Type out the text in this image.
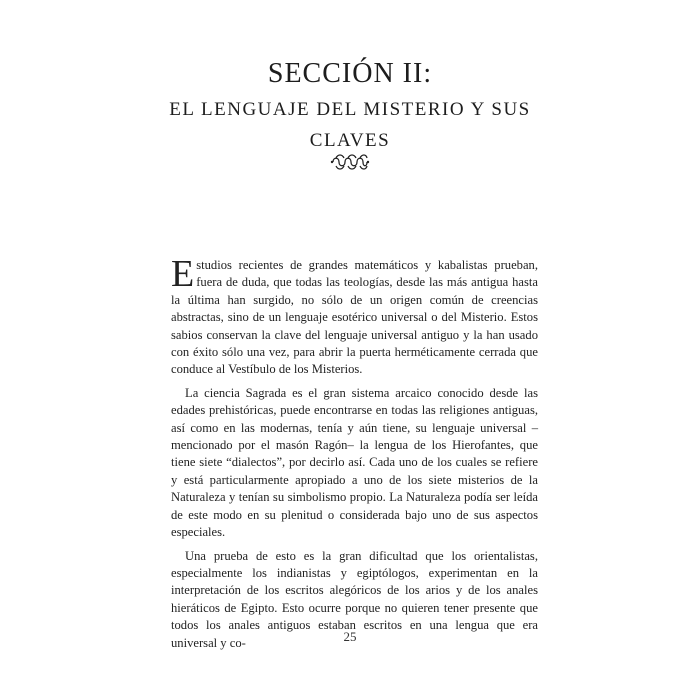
SECCIÓN II:
EL LENGUAJE DEL MISTERIO Y SUS CLAVES

Estudios recientes de grandes matemáticos y kabalistas prueban, fuera de duda, que todas las teologías, desde las más antigua hasta la última han surgido, no sólo de un origen común de creencias abstractas, sino de un lenguaje esotérico universal o del Misterio. Estos sabios conservan la clave del lenguaje universal antiguo y la han usado con éxito sólo una vez, para abrir la puerta herméticamente cerrada que conduce al Vestíbulo de los Misterios.

La ciencia Sagrada es el gran sistema arcaico conocido desde las edades prehistóricas, puede encontrarse en todas las religiones antiguas, así como en las modernas, tenía y aún tiene, su lenguaje universal –mencionado por el masón Ragón– la lengua de los Hierofantes, que tiene siete “dialectos”, por decirlo así. Cada uno de los cuales se refiere y está particularmente apropiado a uno de los siete misterios de la Naturaleza y tenían su simbolismo propio. La Naturaleza podía ser leída de este modo en su plenitud o considerada bajo uno de sus aspectos especiales.

Una prueba de esto es la gran dificultad que los orientalistas, especialmente los indianistas y egiptólogos, experimentan en la interpretación de los escritos alegóricos de los arios y de los anales hieráticos de Egipto. Esto ocurre porque no quieren tener presente que todos los anales antiguos estaban escritos en una lengua que era universal y co-	25
